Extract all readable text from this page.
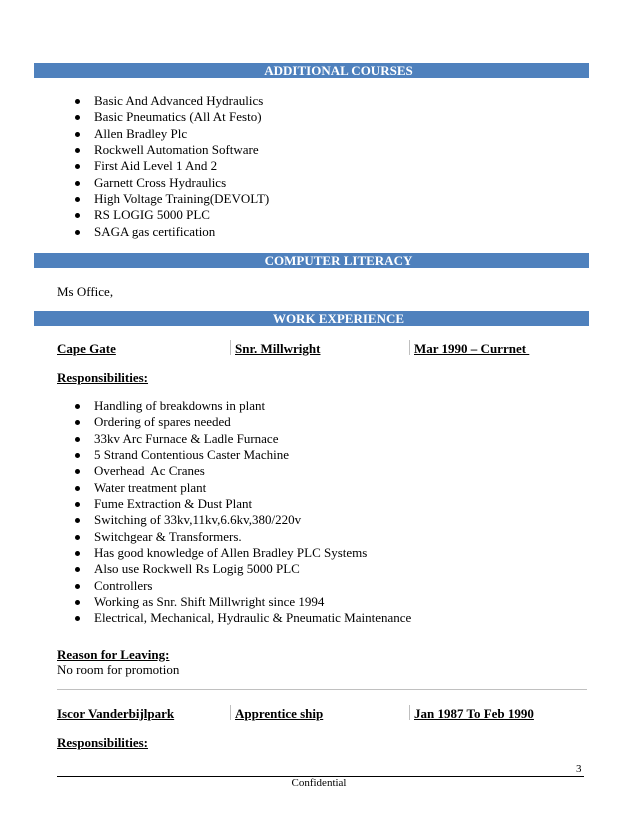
ADDITIONAL COURSES
Basic And Advanced Hydraulics
Basic Pneumatics (All At Festo)
Allen Bradley Plc
Rockwell Automation Software
First Aid Level 1 And 2
Garnett Cross Hydraulics
High Voltage Training(DEVOLT)
RS LOGIG 5000 PLC
SAGA gas certification
COMPUTER LITERACY
Ms Office,
WORK EXPERIENCE
Cape Gate	Snr. Millwright	Mar 1990 – Currnet
Responsibilities:
Handling of breakdowns in plant
Ordering of spares needed
33kv Arc Furnace & Ladle Furnace
5 Strand Contentious Caster Machine
Overhead  Ac Cranes
Water treatment plant
Fume Extraction & Dust Plant
Switching of 33kv,11kv,6.6kv,380/220v
Switchgear & Transformers.
Has good knowledge of Allen Bradley PLC Systems
Also use Rockwell Rs Logig 5000 PLC
Controllers
Working as Snr. Shift Millwright since 1994
Electrical, Mechanical, Hydraulic & Pneumatic Maintenance
Reason for Leaving:
No room for promotion
Iscor Vanderbijlpark	Apprentice ship	Jan 1987 To Feb 1990
Responsibilities:
3
Confidential
